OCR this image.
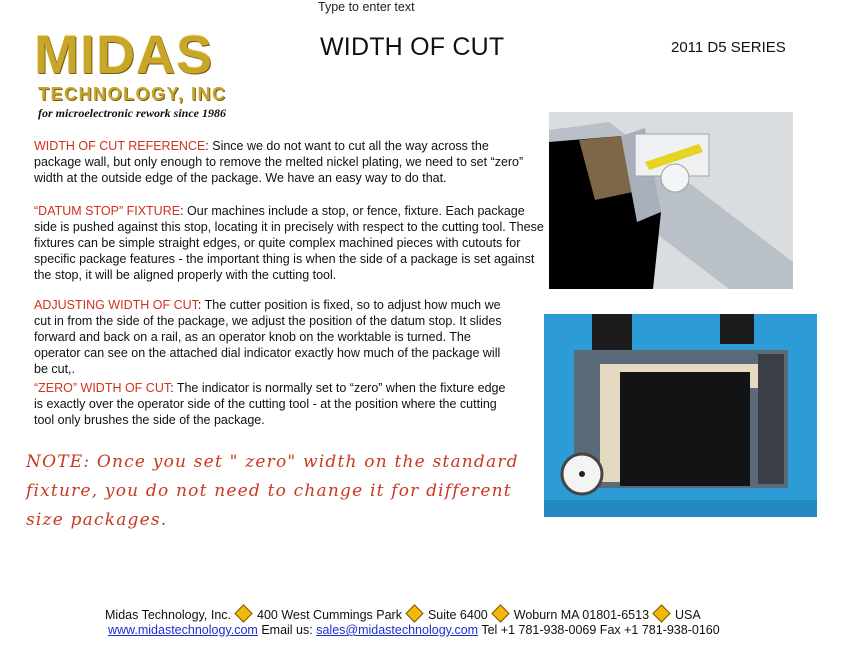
Type to enter text
WIDTH OF CUT	2011 D5 SERIES
MIDAS
TECHNOLOGY, INC
for microelectronic rework since 1986
WIDTH OF CUT REFERENCE: Since we do not want to cut all the way across the package wall, but only enough to remove the melted nickel plating, we need to set “zero” width at the outside edge of the package. We have an easy way to do that.
“DATUM STOP” FIXTURE: Our machines include a stop, or fence, fixture. Each package side is pushed against this stop, locating it in precisely with respect to the cutting tool. These fixtures can be simple straight edges, or quite complex machined pieces with cutouts for specific package features - the important thing is when the side of a package is set against the stop, it will be aligned properly with the cutting tool.
ADJUSTING WIDTH OF CUT: The cutter position is fixed, so to adjust how much we cut in from the side of the package, we adjust the position of the datum stop. It slides forward and back on a rail, as an operator knob on the worktable is turned. The operator can see on the attached dial indicator exactly how much of the package will be cut,.
“ZERO” WIDTH OF CUT: The indicator is normally set to “zero” when the fixture edge is exactly over the operator side of the cutting tool - at the position where the cutting tool only brushes the side of the package.
NOTE: Once you set " zero" width on the standard fixture, you do not need to change it for different size packages.
Midas Technology, Inc. 400 West Cummings Park Suite 6400 Woburn MA 01801-6513 USA
www.midastechnology.com Email us: sales@midastechnology.com Tel +1 781-938-0069 Fax +1 781-938-0160
